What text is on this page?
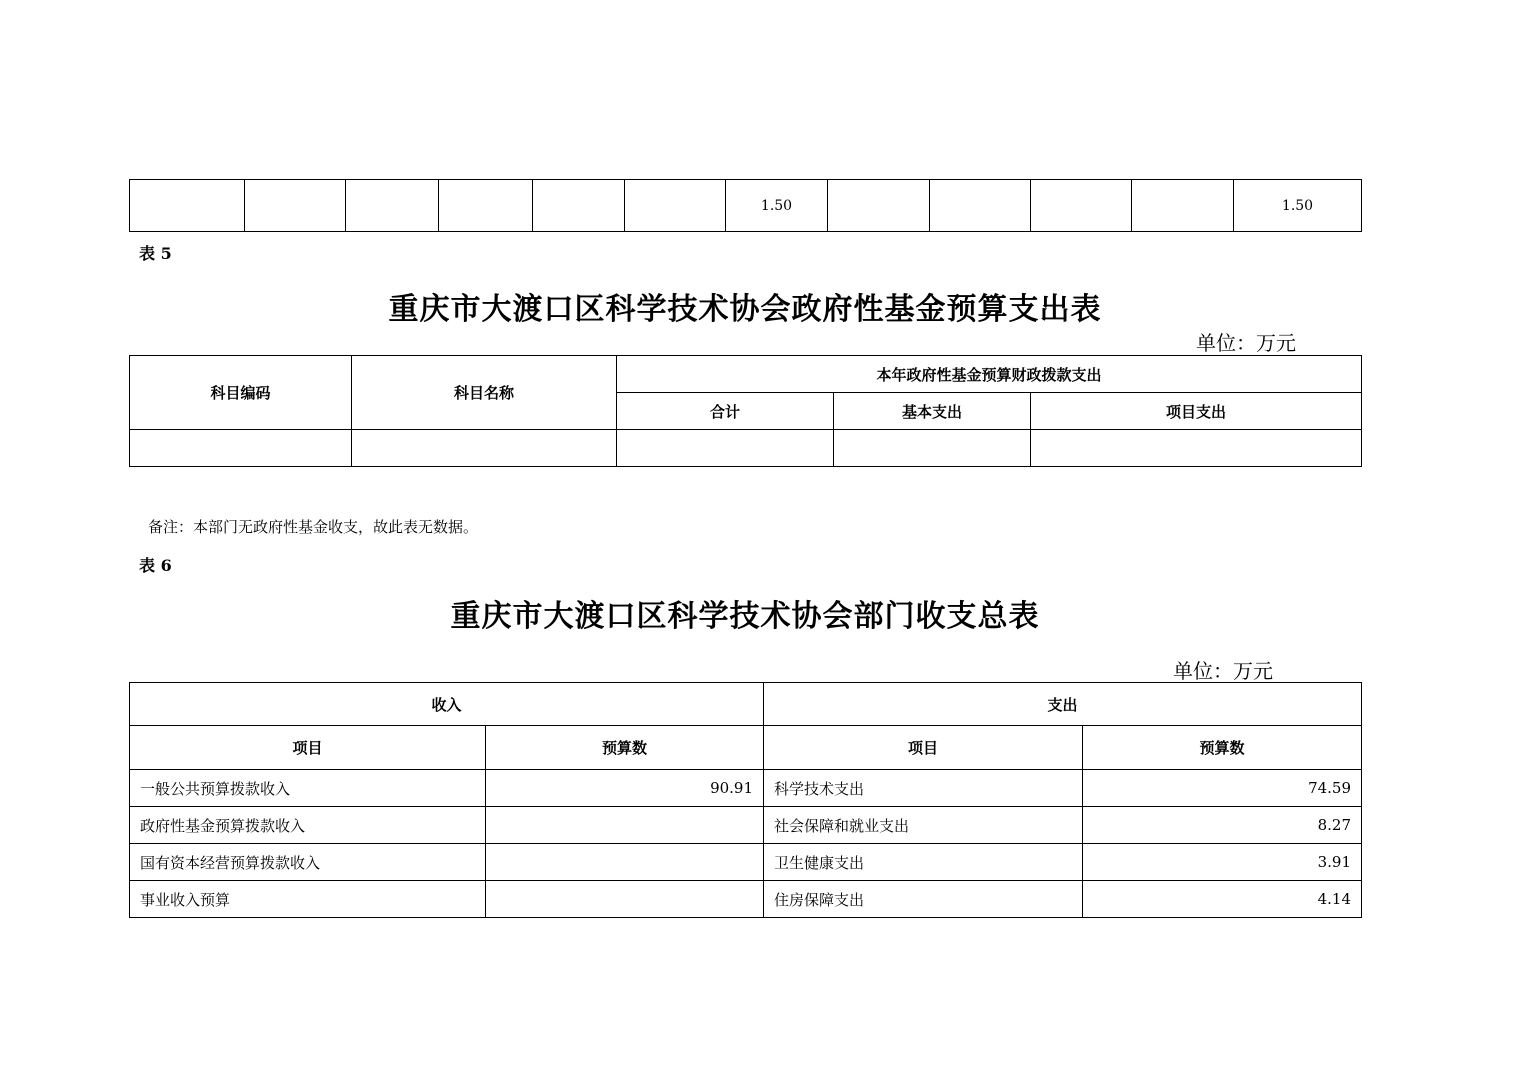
						1.50					1.50
表 5
重庆市大渡口区科学技术协会政府性基金预算支出表
单位：万元
科目编码	科目名称	本年政府性基金预算财政拨款支出		
		合计	基本支出	项目支出

备注：本部门无政府性基金收支，故此表无数据。
表 6
重庆市大渡口区科学技术协会部门收支总表
单位：万元
收入		支出	
项目	预算数	项目	预算数
一般公共预算拨款收入	90.91	科学技术支出	74.59
政府性基金预算拨款收入		社会保障和就业支出	8.27
国有资本经营预算拨款收入		卫生健康支出	3.91
事业收入预算		住房保障支出	4.14
